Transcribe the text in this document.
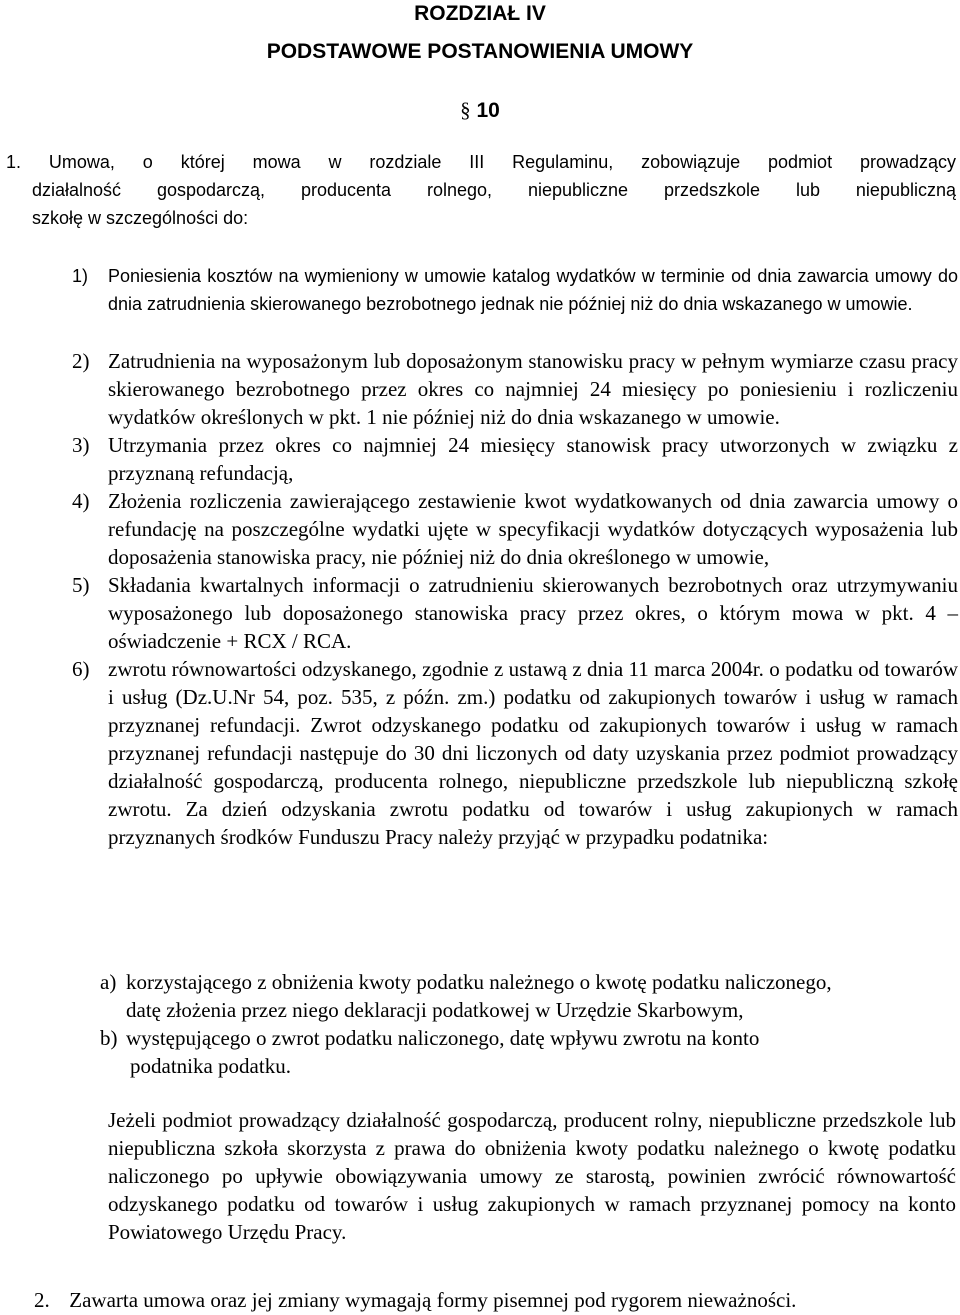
ROZDZIAŁ IV
PODSTAWOWE POSTANOWIENIA UMOWY
§ 10
1. Umowa, o której mowa w rozdziale III Regulaminu, zobowiązuje podmiot prowadzący
działalność gospodarczą, producenta rolnego, niepubliczne przedszkole lub niepubliczną
szkołę w szczególności do:
1) Poniesienia kosztów na wymieniony w umowie katalog wydatków w terminie od dnia zawarcia umowy do dnia zatrudnienia skierowanego bezrobotnego jednak nie później niż do dnia wskazanego w umowie.
2) Zatrudnienia na wyposażonym lub doposażonym stanowisku pracy w pełnym wymiarze czasu pracy skierowanego bezrobotnego przez okres co najmniej 24 miesięcy po poniesieniu i rozliczeniu wydatków określonych w pkt. 1 nie później niż do dnia wskazanego w umowie.
3) Utrzymania przez okres co najmniej 24 miesięcy stanowisk pracy utworzonych w związku z przyznaną refundacją,
4) Złożenia rozliczenia zawierającego zestawienie kwot wydatkowanych od dnia zawarcia umowy o refundację na poszczególne wydatki ujęte w specyfikacji wydatków dotyczących wyposażenia lub doposażenia stanowiska pracy, nie później niż do dnia określonego w umowie,
5) Składania kwartalnych informacji o zatrudnieniu skierowanych bezrobotnych oraz utrzymywaniu wyposażonego lub doposażonego stanowiska pracy przez okres, o którym mowa w pkt. 4 – oświadczenie + RCX / RCA.
6) zwrotu równowartości odzyskanego, zgodnie z ustawą z dnia 11 marca 2004r. o podatku od towarów i usług (Dz.U.Nr 54, poz. 535, z późn. zm.) podatku od zakupionych towarów i usług w ramach przyznanej refundacji. Zwrot odzyskanego podatku od zakupionych towarów i usług w ramach przyznanej refundacji następuje do 30 dni liczonych od daty uzyskania przez podmiot prowadzący działalność gospodarczą, producenta rolnego, niepubliczne przedszkole lub niepubliczną szkołę zwrotu. Za dzień odzyskania zwrotu podatku od towarów i usług zakupionych w ramach przyznanych środków Funduszu Pracy należy przyjąć w przypadku podatnika:
a) korzystającego z obniżenia kwoty podatku należnego o kwotę podatku naliczonego,
datę złożenia przez niego deklaracji podatkowej w Urzędzie Skarbowym,
b) występującego o zwrot podatku naliczonego, datę wpływu zwrotu na konto
podatnika podatku.
Jeżeli podmiot prowadzący działalność gospodarczą, producent rolny, niepubliczne przedszkole lub niepubliczna szkoła skorzysta z prawa do obniżenia kwoty podatku należnego o kwotę podatku naliczonego po upływie obowiązywania umowy ze starostą, powinien zwrócić równowartość odzyskanego podatku od towarów i usług zakupionych w ramach przyznanej pomocy na konto Powiatowego Urzędu Pracy.
2. Zawarta umowa oraz jej zmiany wymagają formy pisemnej pod rygorem nieważności.
